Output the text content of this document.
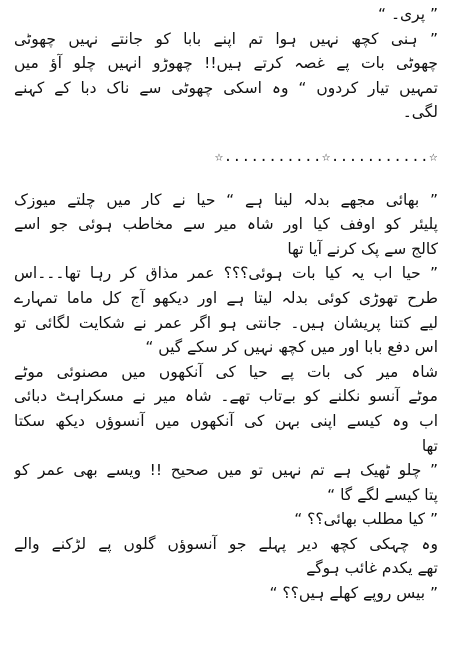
” پری۔ “
” ہنی کچھ نہیں ہوا تم اپنے بابا کو جانتے نہیں چھوٹی
چھوٹی بات پے غصہ کرتے ہیں!! چھوڑو انہیں چلو آؤ میں
تمہیں تیار کردوں “ وہ اسکی چھوٹی سے ناک دبا کے کہنے
لگی۔
☆...........☆...........☆
” بھائی مجھے بدلہ لینا ہے “ حیا نے کار میں چلتے میوزک
پلیئر کو اوفف کیا اور شاہ میر سے مخاطب ہوئی جو اسے
کالج سے پک کرنے آیا تھا
” حیا اب یہ کیا بات ہوئی؟؟؟ عمر مذاق کر رہا تھا۔۔۔اس
طرح تھوڑی کوئی بدلہ لیتا ہے اور دیکھو آج کل ماما تمہارے
لیے کتنا پریشان ہیں۔ جانتی ہو اگر عمر نے شکایت لگائی تو
اس دفع بابا اور میں کچھ نہیں کر سکے گیں “
شاہ میر کی بات پے حیا کی آنکھوں میں مصنوئی موٹے
موٹے آنسو نکلنے کو بےتاب تھے۔ شاہ میر نے مسکراہٹ دبائی
اب وہ کیسے اپنی بہن کی آنکھوں میں آنسوؤں دیکھ سکتا
تھا
” چلو ٹھیک ہے تم نہیں تو میں صحیح !! ویسے بھی عمر کو
پتا کیسے لگے گا “
” کیا مطلب بھائی؟؟ “
وہ چہکی کچھ دیر پہلے جو آنسوؤں گلوں پے لڑکنے والے
تھے یکدم غائب ہوگے
” بیس روپے کھلے ہیں؟؟ “
